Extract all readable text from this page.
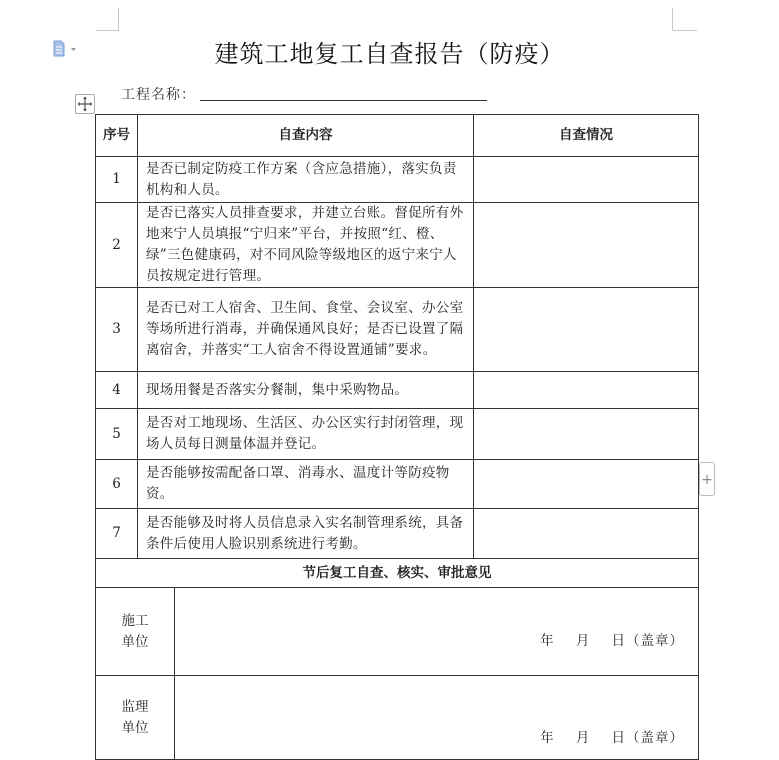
建筑工地复工自查报告（防疫）
工程名称：
序号	自查内容		自查情况
1	是否已制定防疫工作方案（含应急措施），落实负责机构和人员。		
2	是否已落实人员排查要求，并建立台账。督促所有外地来宁人员填报“宁归来”平台，并按照“红、橙、绿”三色健康码，对不同风险等级地区的返宁来宁人员按规定进行管理。		
3	是否已对工人宿舍、卫生间、食堂、会议室、办公室等场所进行消毒，并确保通风良好；是否已设置了隔离宿舍，并落实“工人宿舍不得设置通铺”要求。		
4	现场用餐是否落实分餐制，集中采购物品。		
5	是否对工地现场、生活区、办公区实行封闭管理，现场人员每日测量体温并登记。		
6	是否能够按需配备口罩、消毒水、温度计等防疫物资。		
7	是否能够及时将人员信息录入实名制管理系统，具备条件后使用人脸识别系统进行考勤。		
节后复工自查、核实、审批意见			
施工
单位		年    月    日（盖章）	

监理
单位		年    月    日（盖章）	
+
